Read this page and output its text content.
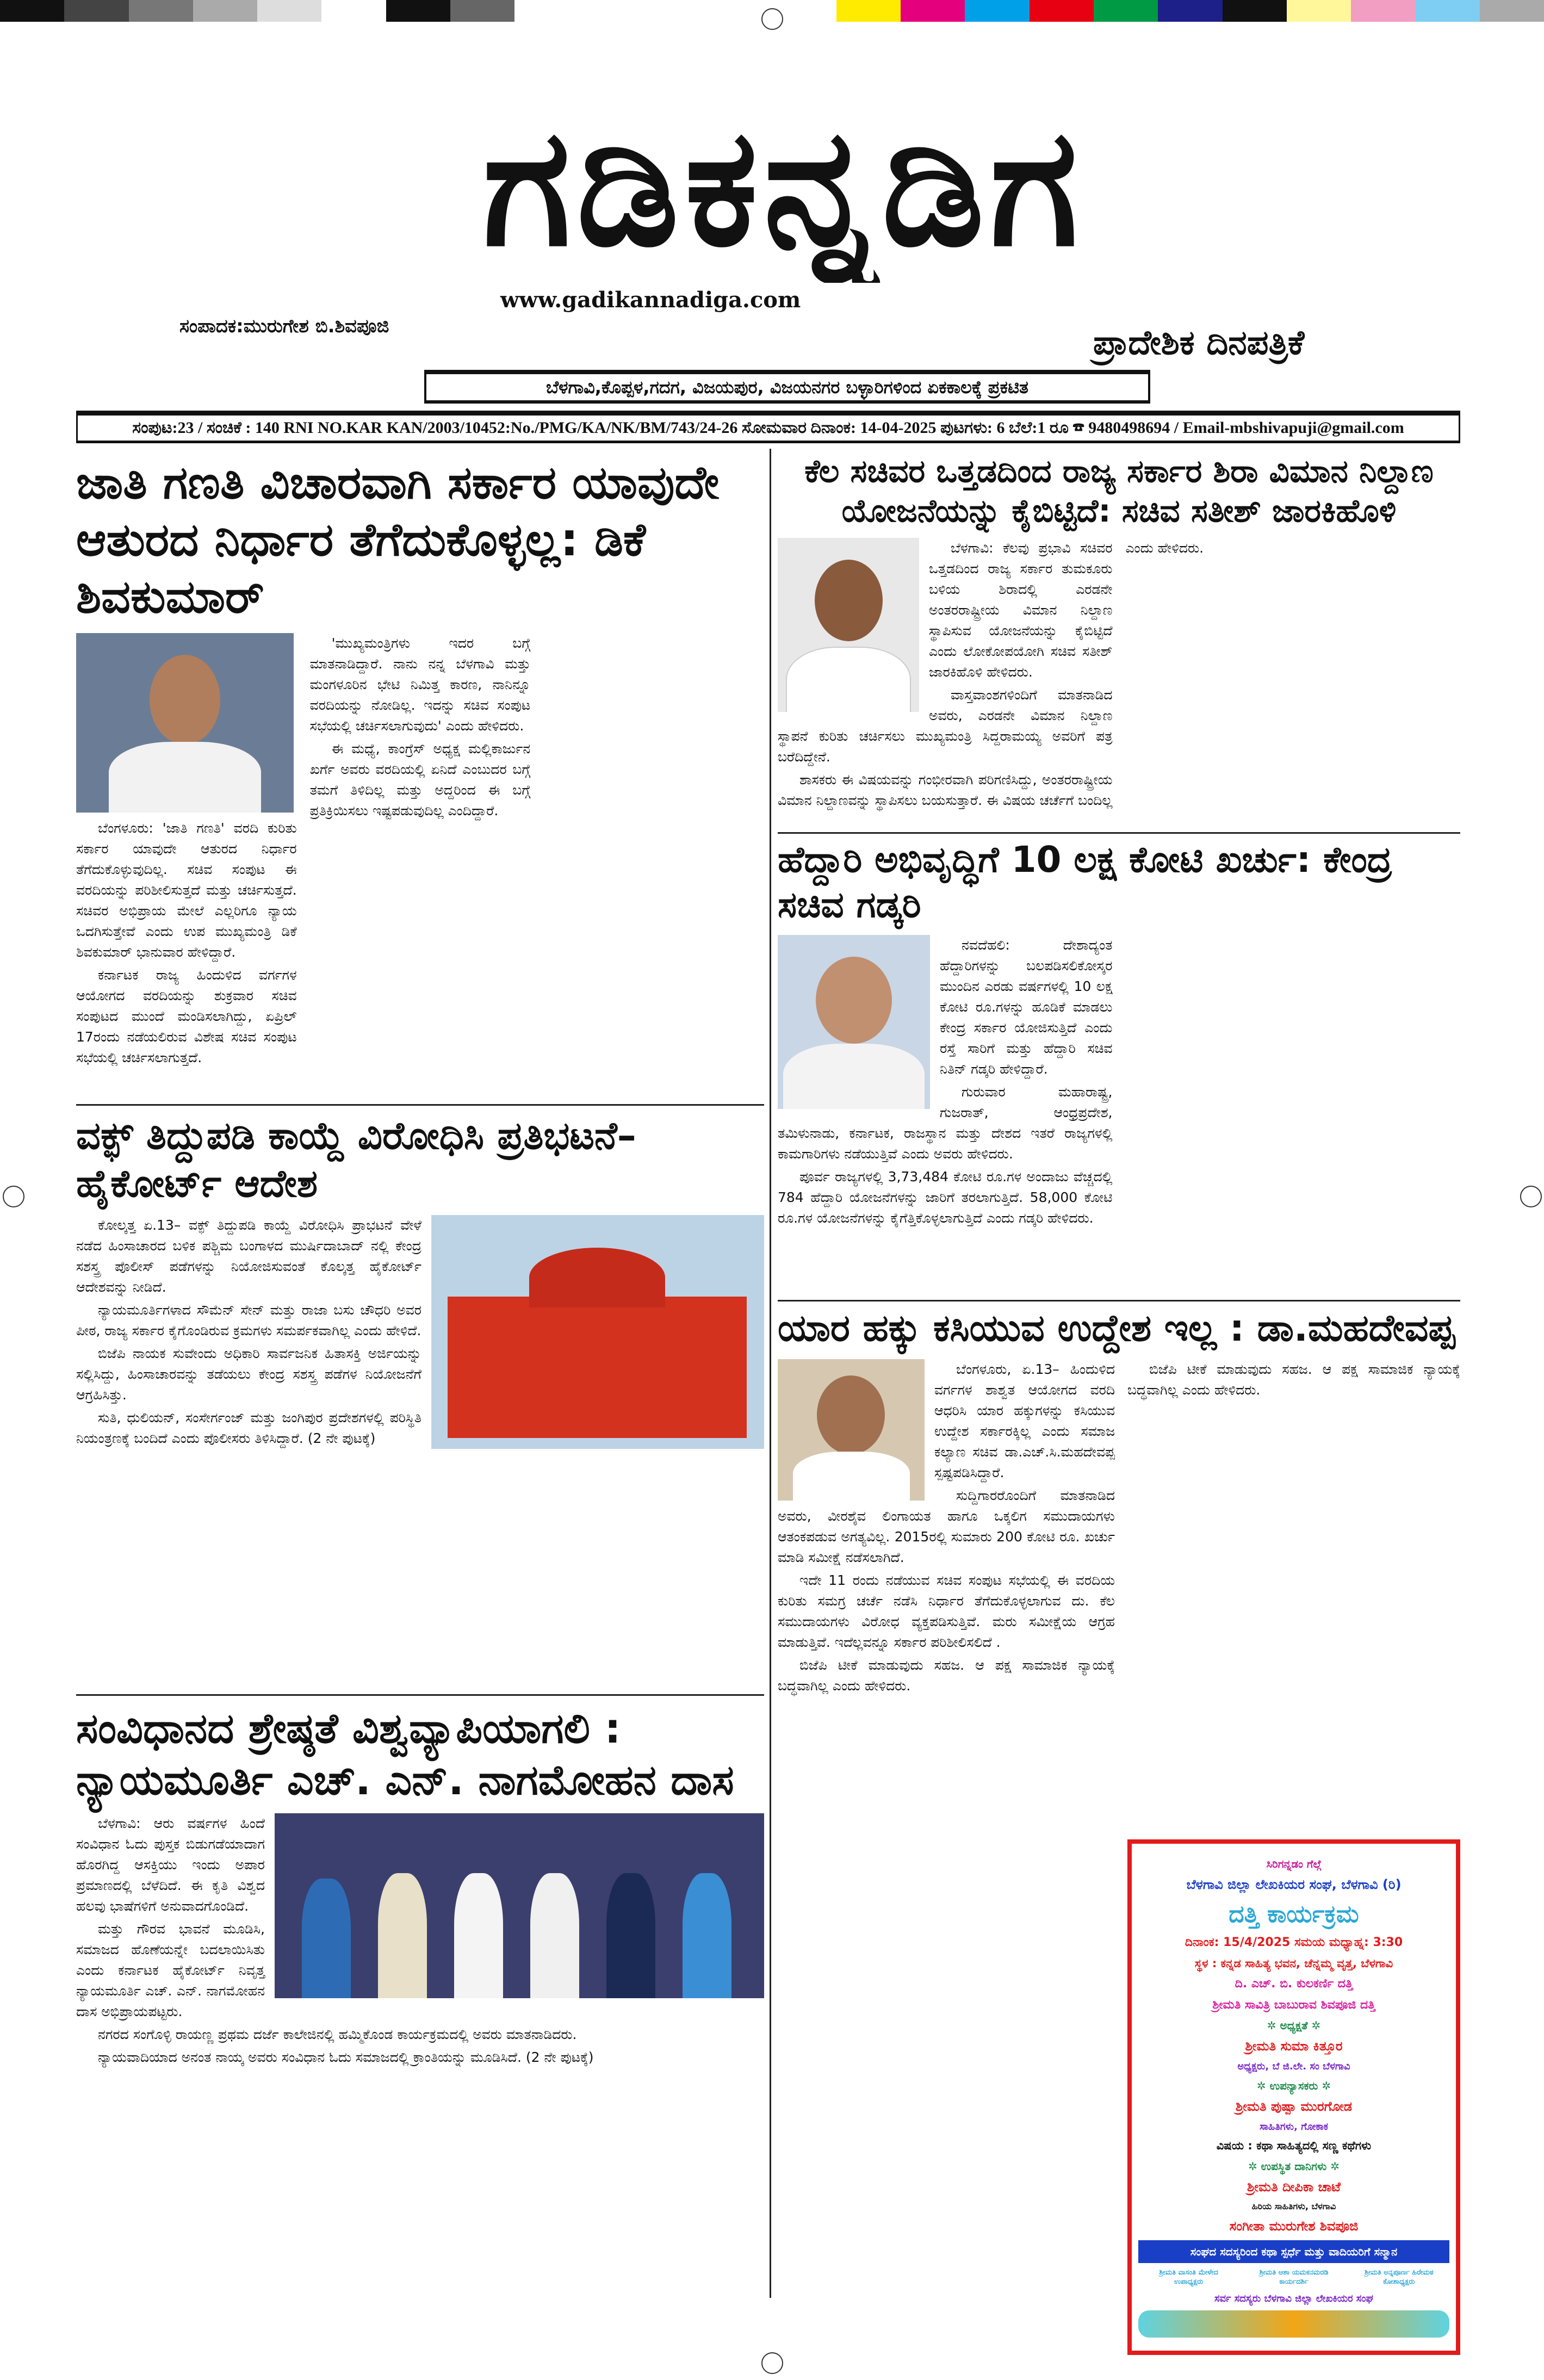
ಗಡಿಕನ್ನಡಿಗ
ಸಂಪಾದಕ:ಮುರುಗೇಶ ಬಿ.ಶಿವಪೂಜಿ
www.gadikannadiga.com
ಪ್ರಾದೇಶಿಕ ದಿನಪತ್ರಿಕೆ
ಬೆಳಗಾವಿ,ಕೊಪ್ಪಳ,ಗದಗ, ವಿಜಯಪುರ, ವಿಜಯನಗರ ಬಳ್ಳಾರಿಗಳಿಂದ ಏಕಕಾಲಕ್ಕೆ ಪ್ರಕಟಿತ
ಸಂಪುಟ:23 / ಸಂಚಿಕೆ : 140 RNI NO.KAR KAN/2003/10452:No./PMG/KA/NK/BM/743/24-26 ಸೋಮವಾರ ದಿನಾಂಕ: 14-04-2025 ಪುಟಗಳು: 6 ಬೆಲೆ:1 ರೂ ☎ 9480498694 / Email-mbshivapuji@gmail.com
ಜಾತಿ ಗಣತಿ ವಿಚಾರವಾಗಿ ಸರ್ಕಾರ ಯಾವುದೇ ಆತುರದ ನಿರ್ಧಾರ ತೆಗೆದುಕೊಳ್ಳಲ್ಲ: ಡಿಕೆ ಶಿವಕುಮಾರ್

ಬೆಂಗಳೂರು: 'ಜಾತಿ ಗಣತಿ' ವರದಿ ಕುರಿತು ಸರ್ಕಾರ ಯಾವುದೇ ಆತುರದ ನಿರ್ಧಾರ ತೆಗೆದುಕೊಳ್ಳುವುದಿಲ್ಲ. ಸಚಿವ ಸಂಪುಟ ಈ ವರದಿಯನ್ನು ಪರಿಶೀಲಿಸುತ್ತದೆ ಮತ್ತು ಚರ್ಚಿಸುತ್ತದೆ. ಸಚಿವರ ಅಭಿಪ್ರಾಯ ಮೇಲೆ ಎಲ್ಲರಿಗೂ ನ್ಯಾಯ ಒದಗಿಸುತ್ತೇವೆ ಎಂದು ಉಪ ಮುಖ್ಯಮಂತ್ರಿ ಡಿಕೆ ಶಿವಕುಮಾರ್ ಭಾನುವಾರ ಹೇಳಿದ್ದಾರೆ.

ಕರ್ನಾಟಕ ರಾಜ್ಯ ಹಿಂದುಳಿದ ವರ್ಗಗಳ ಆಯೋಗದ ವರದಿಯನ್ನು ಶುಕ್ರವಾರ ಸಚಿವ ಸಂಪುಟದ ಮುಂದೆ ಮಂಡಿಸಲಾಗಿದ್ದು, ಏಪ್ರಿಲ್ 17ರಂದು ನಡೆಯಲಿರುವ ವಿಶೇಷ ಸಚಿವ ಸಂಪುಟ ಸಭೆಯಲ್ಲಿ ಚರ್ಚಿಸಲಾಗುತ್ತದೆ.

'ಮುಖ್ಯಮಂತ್ರಿಗಳು ಇದರ ಬಗ್ಗೆ ಮಾತನಾಡಿದ್ದಾರೆ. ನಾನು ನನ್ನ ಬೆಳಗಾವಿ ಮತ್ತು ಮಂಗಳೂರಿನ ಭೇಟಿ ನಿಮಿತ್ತ ಕಾರಣ, ನಾನಿನ್ನೂ ವರದಿಯನ್ನು ನೋಡಿಲ್ಲ. ಇದನ್ನು ಸಚಿವ ಸಂಪುಟ ಸಭೆಯಲ್ಲಿ ಚರ್ಚಿಸಲಾಗುವುದು' ಎಂದು ಹೇಳಿದರು.

ಈ ಮಧ್ಯೆ, ಕಾಂಗ್ರೆಸ್ ಅಧ್ಯಕ್ಷ ಮಲ್ಲಿಕಾರ್ಜುನ ಖರ್ಗೆ ಅವರು ವರದಿಯಲ್ಲಿ ಏನಿದೆ ಎಂಬುದರ ಬಗ್ಗೆ ತಮಗೆ ತಿಳಿದಿಲ್ಲ ಮತ್ತು ಅದ್ದರಿಂದ ಈ ಬಗ್ಗೆ ಪ್ರತಿಕ್ರಿಯಿಸಲು ಇಷ್ಟಪಡುವುದಿಲ್ಲ ಎಂದಿದ್ದಾರೆ.

ವಕ್ಫ್ ತಿದ್ದುಪಡಿ ಕಾಯ್ದೆ ವಿರೋಧಿಸಿ ಪ್ರತಿಭಟನೆ– ಹೈಕೋರ್ಟ್ ಆದೇಶ

ಕೋಲ್ಕತ್ತ ಏ.13– ವಕ್ಫ್ ತಿದ್ದುಪಡಿ ಕಾಯ್ದೆ ವಿರೋಧಿಸಿ ಪ್ರಾಭಟನೆ ವೇಳೆ ನಡೆದ ಹಿಂಸಾಚಾರದ ಬಳಿಕ ಪಶ್ಚಿಮ ಬಂಗಾಳದ ಮುರ್ಷಿದಾಬಾದ್ ನಲ್ಲಿ ಕೇಂದ್ರ ಸಶಸ್ತ್ರ ಪೊಲೀಸ್ ಪಡೆಗಳನ್ನು ನಿಯೋಜಿಸುವಂತೆ ಕೊಲ್ಕತ್ತ ಹೈಕೋರ್ಟ್ ಆದೇಶವನ್ನು ನೀಡಿದೆ.

ನ್ಯಾಯಮೂರ್ತಿಗಳಾದ ಸೌಮೆನ್ ಸೇನ್ ಮತ್ತು ರಾಜಾ ಬಸು ಚೌಧರಿ ಅವರ ಪೀಠ, ರಾಜ್ಯ ಸರ್ಕಾರ ಕೈಗೊಂಡಿರುವ ಕ್ರಮಗಳು ಸಮರ್ಪಕವಾಗಿಲ್ಲ ಎಂದು ಹೇಳಿದೆ.

ಬಿಜೆಪಿ ನಾಯಕ ಸುವೇಂದು ಅಧಿಕಾರಿ ಸಾರ್ವಜನಿಕ ಹಿತಾಸಕ್ತಿ ಅರ್ಜಿಯನ್ನು ಸಲ್ಲಿಸಿದ್ದು, ಹಿಂಸಾಚಾರವನ್ನು ತಡೆಯಲು ಕೇಂದ್ರ ಸಶಸ್ತ್ರ ಪಡೆಗಳ ನಿಯೋಜನೆಗೆ ಆಗ್ರಹಿಸಿತ್ತು.

ಸುತಿ, ಧುಲಿಯನ್, ಸಂಸೇರ್ಗಂಜ್ ಮತ್ತು ಜಂಗಿಪುರ ಪ್ರದೇಶಗಳಲ್ಲಿ ಪರಿಸ್ಥಿತಿ ನಿಯಂತ್ರಣಕ್ಕೆ ಬಂದಿದೆ ಎಂದು ಪೊಲೀಸರು ತಿಳಿಸಿದ್ದಾರೆ. (2 ನೇ ಪುಟಕ್ಕೆ)

ಸಂವಿಧಾನದ ಶ್ರೇಷ್ಠತೆ ವಿಶ್ವವ್ಯಾಪಿಯಾಗಲಿ : ನ್ಯಾಯಮೂರ್ತಿ ಎಚ್. ಎನ್. ನಾಗಮೋಹನ ದಾಸ

ಬೆಳಗಾವಿ: ಆರು ವರ್ಷಗಳ ಹಿಂದೆ ಸಂವಿಧಾನ ಓದು ಪುಸ್ತಕ ಬಿಡುಗಡೆಯಾದಾಗ ಹೊರಗಿದ್ದ ಆಸಕ್ತಿಯು ಇಂದು ಅಪಾರ ಪ್ರಮಾಣದಲ್ಲಿ ಬೆಳೆದಿದೆ. ಈ ಕೃತಿ ವಿಶ್ವದ ಹಲವು ಭಾಷೆಗಳಿಗೆ ಅನುವಾದಗೊಂಡಿದೆ.

ಮತ್ತು ಗೌರವ ಭಾವನೆ ಮೂಡಿಸಿ, ಸಮಾಜದ ಹೊಣೆಯನ್ನೇ ಬದಲಾಯಿಸಿತು ಎಂದು ಕರ್ನಾಟಕ ಹೈಕೋರ್ಟ್ ನಿವೃತ್ತ ನ್ಯಾಯಮೂರ್ತಿ ಎಚ್. ಎನ್. ನಾಗಮೋಹನ ದಾಸ ಅಭಿಪ್ರಾಯಪಟ್ಟರು.

ನಗರದ ಸಂಗೊಳ್ಳಿ ರಾಯಣ್ಣ ಪ್ರಥಮ ದರ್ಜೆ ಕಾಲೇಜಿನಲ್ಲಿ ಹಮ್ಮಿಕೊಂಡ ಕಾರ್ಯಕ್ರಮದಲ್ಲಿ ಅವರು ಮಾತನಾಡಿದರು.

ನ್ಯಾಯವಾದಿಯಾದ ಅನಂತ ನಾಯ್ಕ ಅವರು ಸಂವಿಧಾನ ಓದು ಸಮಾಜದಲ್ಲಿ ಕ್ರಾಂತಿಯನ್ನು ಮೂಡಿಸಿದೆ. (2 ನೇ ಪುಟಕ್ಕೆ)

ಕೆಲ ಸಚಿವರ ಒತ್ತಡದಿಂದ ರಾಜ್ಯ ಸರ್ಕಾರ ಶಿರಾ ವಿಮಾನ ನಿಲ್ದಾಣ ಯೋಜನೆಯನ್ನು ಕೈಬಿಟ್ಟಿದೆ: ಸಚಿವ ಸತೀಶ್ ಜಾರಕಿಹೊಳಿ

ಬೆಳಗಾವಿ: ಕೆಲವು ಪ್ರಭಾವಿ ಸಚಿವರ ಒತ್ತಡದಿಂದ ರಾಜ್ಯ ಸರ್ಕಾರ ತುಮಕೂರು ಬಳಿಯ ಶಿರಾದಲ್ಲಿ ಎರಡನೇ ಅಂತರರಾಷ್ಟ್ರೀಯ ವಿಮಾನ ನಿಲ್ದಾಣ ಸ್ಥಾಪಿಸುವ ಯೋಜನೆಯನ್ನು ಕೈಬಿಟ್ಟಿದೆ ಎಂದು ಲೋಕೋಪಯೋಗಿ ಸಚಿವ ಸತೀಶ್ ಜಾರಕಿಹೊಳಿ ಹೇಳಿದರು.

ವಾಸ್ತವಾಂಶಗಳಿಂದಿಗೆ ಮಾತನಾಡಿದ ಅವರು, ಎರಡನೇ ವಿಮಾನ ನಿಲ್ದಾಣ ಸ್ಥಾಪನೆ ಕುರಿತು ಚರ್ಚಿಸಲು ಮುಖ್ಯಮಂತ್ರಿ ಸಿದ್ದರಾಮಯ್ಯ ಅವರಿಗೆ ಪತ್ರ ಬರೆದಿದ್ದೇನೆ.

ಶಾಸಕರು ಈ ವಿಷಯವನ್ನು ಗಂಭೀರವಾಗಿ ಪರಿಗಣಿಸಿದ್ದು, ಅಂತರರಾಷ್ಟ್ರೀಯ ವಿಮಾನ ನಿಲ್ದಾಣವನ್ನು ಸ್ಥಾಪಿಸಲು ಬಯಸುತ್ತಾರೆ. ಈ ವಿಷಯ ಚರ್ಚೆಗೆ ಬಂದಿಲ್ಲ ಎಂದು ಹೇಳಿದರು.

ಹೆದ್ದಾರಿ ಅಭಿವೃದ್ಧಿಗೆ 10 ಲಕ್ಷ ಕೋಟಿ ಖರ್ಚು: ಕೇಂದ್ರ ಸಚಿವ ಗಡ್ಕರಿ

ನವದೆಹಲಿ: ದೇಶಾದ್ಯಂತ ಹೆದ್ದಾರಿಗಳನ್ನು ಬಲಪಡಿಸಲಿಕೋಸ್ಕರ ಮುಂದಿನ ಎರಡು ವರ್ಷಗಳಲ್ಲಿ 10 ಲಕ್ಷ ಕೋಟಿ ರೂ.ಗಳನ್ನು ಹೂಡಿಕೆ ಮಾಡಲು ಕೇಂದ್ರ ಸರ್ಕಾರ ಯೋಜಿಸುತ್ತಿದೆ ಎಂದು ರಸ್ತೆ ಸಾರಿಗೆ ಮತ್ತು ಹೆದ್ದಾರಿ ಸಚಿವ ನಿತಿನ್ ಗಡ್ಕರಿ ಹೇಳಿದ್ದಾರೆ.

ಗುರುವಾರ ಮಹಾರಾಷ್ಟ್ರ, ಗುಜರಾತ್, ಆಂಧ್ರಪ್ರದೇಶ, ತಮಿಳುನಾಡು, ಕರ್ನಾಟಕ, ರಾಜಸ್ಥಾನ ಮತ್ತು ದೇಶದ ಇತರೆ ರಾಜ್ಯಗಳಲ್ಲಿ ಕಾಮಗಾರಿಗಳು ನಡೆಯುತ್ತಿವೆ ಎಂದು ಅವರು ಹೇಳಿದರು.

ಪೂರ್ವ ರಾಜ್ಯಗಳಲ್ಲಿ 3,73,484 ಕೋಟಿ ರೂ.ಗಳ ಅಂದಾಜು ವೆಚ್ಚದಲ್ಲಿ 784 ಹೆದ್ದಾರಿ ಯೋಜನೆಗಳನ್ನು ಜಾರಿಗೆ ತರಲಾಗುತ್ತಿದೆ. 58,000 ಕೋಟಿ ರೂ.ಗಳ ಯೋಜನೆಗಳನ್ನು ಕೈಗೆತ್ತಿಕೊಳ್ಳಲಾಗುತ್ತಿದೆ ಎಂದು ಗಡ್ಕರಿ ಹೇಳಿದರು.

ಯಾರ ಹಕ್ಕು ಕಸಿಯುವ ಉದ್ದೇಶ ಇಲ್ಲ : ಡಾ.ಮಹದೇವಪ್ಪ

ಬೆಂಗಳೂರು, ಏ.13– ಹಿಂದುಳಿದ ವರ್ಗಗಳ ಶಾಶ್ವತ ಆಯೋಗದ ವರದಿ ಆಧರಿಸಿ ಯಾರ ಹಕ್ಕುಗಳನ್ನು ಕಸಿಯುವ ಉದ್ದೇಶ ಸರ್ಕಾರಕ್ಕಿಲ್ಲ ಎಂದು ಸಮಾಜ ಕಲ್ಯಾಣ ಸಚಿವ ಡಾ.ಎಚ್.ಸಿ.ಮಹದೇವಪ್ಪ ಸ್ಪಷ್ಟಪಡಿಸಿದ್ದಾರೆ.

ಸುದ್ದಿಗಾರರೊಂದಿಗೆ ಮಾತನಾಡಿದ ಅವರು, ವೀರಶೈವ ಲಿಂಗಾಯತ ಹಾಗೂ ಒಕ್ಕಲಿಗ ಸಮುದಾಯಗಳು ಆತಂಕಪಡುವ ಅಗತ್ಯವಿಲ್ಲ. 2015ರಲ್ಲಿ ಸುಮಾರು 200 ಕೋಟಿ ರೂ. ಖರ್ಚು ಮಾಡಿ ಸಮೀಕ್ಷೆ ನಡೆಸಲಾಗಿದೆ.

ಇದೇ 11 ರಂದು ನಡೆಯುವ ಸಚಿವ ಸಂಪುಟ ಸಭೆಯಲ್ಲಿ ಈ ವರದಿಯ ಕುರಿತು ಸಮಗ್ರ ಚರ್ಚೆ ನಡೆಸಿ ನಿರ್ಧಾರ ತೆಗೆದುಕೊಳ್ಳಲಾಗುವ ದು. ಕೆಲ ಸಮುದಾಯಗಳು ವಿರೋಧ ವ್ಯಕ್ತಪಡಿಸುತ್ತಿವೆ. ಮರು ಸಮೀಕ್ಷೆಯ ಆಗ್ರಹ ಮಾಡುತ್ತಿವೆ. ಇದೆಲ್ಲವನ್ನೂ ಸರ್ಕಾರ ಪರಿಶೀಲಿಸಲಿದೆ .

ಬಿಜೆಪಿ ಟೀಕೆ ಮಾಡುವುದು ಸಹಜ. ಆ ಪಕ್ಷ ಸಾಮಾಜಿಕ ನ್ಯಾಯಕ್ಕೆ ಬದ್ಧವಾಗಿಲ್ಲ ಎಂದು ಹೇಳಿದರು.

ಬಿಜೆಪಿ ಟೀಕೆ ಮಾಡುವುದು ಸಹಜ. ಆ ಪಕ್ಷ ಸಾಮಾಜಿಕ ನ್ಯಾಯಕ್ಕೆ ಬದ್ಧವಾಗಿಲ್ಲ ಎಂದು ಹೇಳಿದರು.

ಸಿರಿಗನ್ನಡಂ ಗೆಲ್ಗೆ
ಬೆಳಗಾವಿ ಜಿಲ್ಲಾ ಲೇಖಕಿಯರ ಸಂಘ, ಬೆಳಗಾವಿ (ರಿ)
ದತ್ತಿ ಕಾರ್ಯಕ್ರಮ
ದಿನಾಂಕ: 15/4/2025 ಸಮಯ ಮಧ್ಯಾಹ್ನ: 3:30
ಸ್ಥಳ : ಕನ್ನಡ ಸಾಹಿತ್ಯ ಭವನ, ಚೆನ್ನಮ್ಮ ವೃತ್ತ, ಬೆಳಗಾವಿ
ದಿ. ಎಚ್. ಬಿ. ಕುಲಕರ್ಣಿ ದತ್ತಿ
ಶ್ರೀಮತಿ ಸಾವಿತ್ರಿ ಬಾಬುರಾವ ಶಿವಪೂಜಿ ದತ್ತಿ
✲ ಅಧ್ಯಕ್ಷತೆ ✲
ಶ್ರೀಮತಿ ಸುಮಾ ಕಿತ್ತೂರ
ಅಧ್ಯಕ್ಷರು, ಬೆ ಜಿ.ಲೇ. ಸಂ ಬೆಳಗಾವಿ
✲ ಉಪನ್ಯಾಸಕರು ✲
ಶ್ರೀಮತಿ ಪುಷ್ಪಾ ಮುರಗೋಡ
ಸಾಹಿತಿಗಳು, ಗೋಕಾಕ
ವಿಷಯ : ಕಥಾ ಸಾಹಿತ್ಯದಲ್ಲಿ ಸಣ್ಣ ಕಥೆಗಳು
✲ ಉಪಸ್ಥಿತ ದಾನಿಗಳು ✲
ಶ್ರೀಮತಿ ದೀಪಿಕಾ ಚಾಟೆ
ಹಿರಿಯ ಸಾಹಿತಿಗಳು, ಬೆಳಗಾವಿ
ಸಂಗೀತಾ ಮುರುಗೇಶ ಶಿವಪೂಜಿ
ಸಂಘದ ಸದಸ್ಯರಿಂದ ಕಥಾ ಸ್ಪರ್ಧೆ ಮತ್ತು ವಾದಿಯರಿಗೆ ಸನ್ಮಾನ
ಶ್ರೀಮತಿ ವಾಸಂತಿ ಮೇಳೇದ
ಉಪಾಧ್ಯಕ್ಷರು
ಶ್ರೀಮತಿ ಆಶಾ ಯಮಕನಮರಡಿ
ಕಾರ್ಯದರ್ಶಿ
ಶ್ರೀಮತಿ ಅನ್ನಪೂರ್ಣ ಹಿರೇಮಠ
ಕೋಶಾಧ್ಯಕ್ಷರು
ಸರ್ವ ಸದಸ್ಯರು ಬೆಳಗಾವಿ ಜಿಲ್ಲಾ ಲೇಖಕಿಯರ ಸಂಘ
